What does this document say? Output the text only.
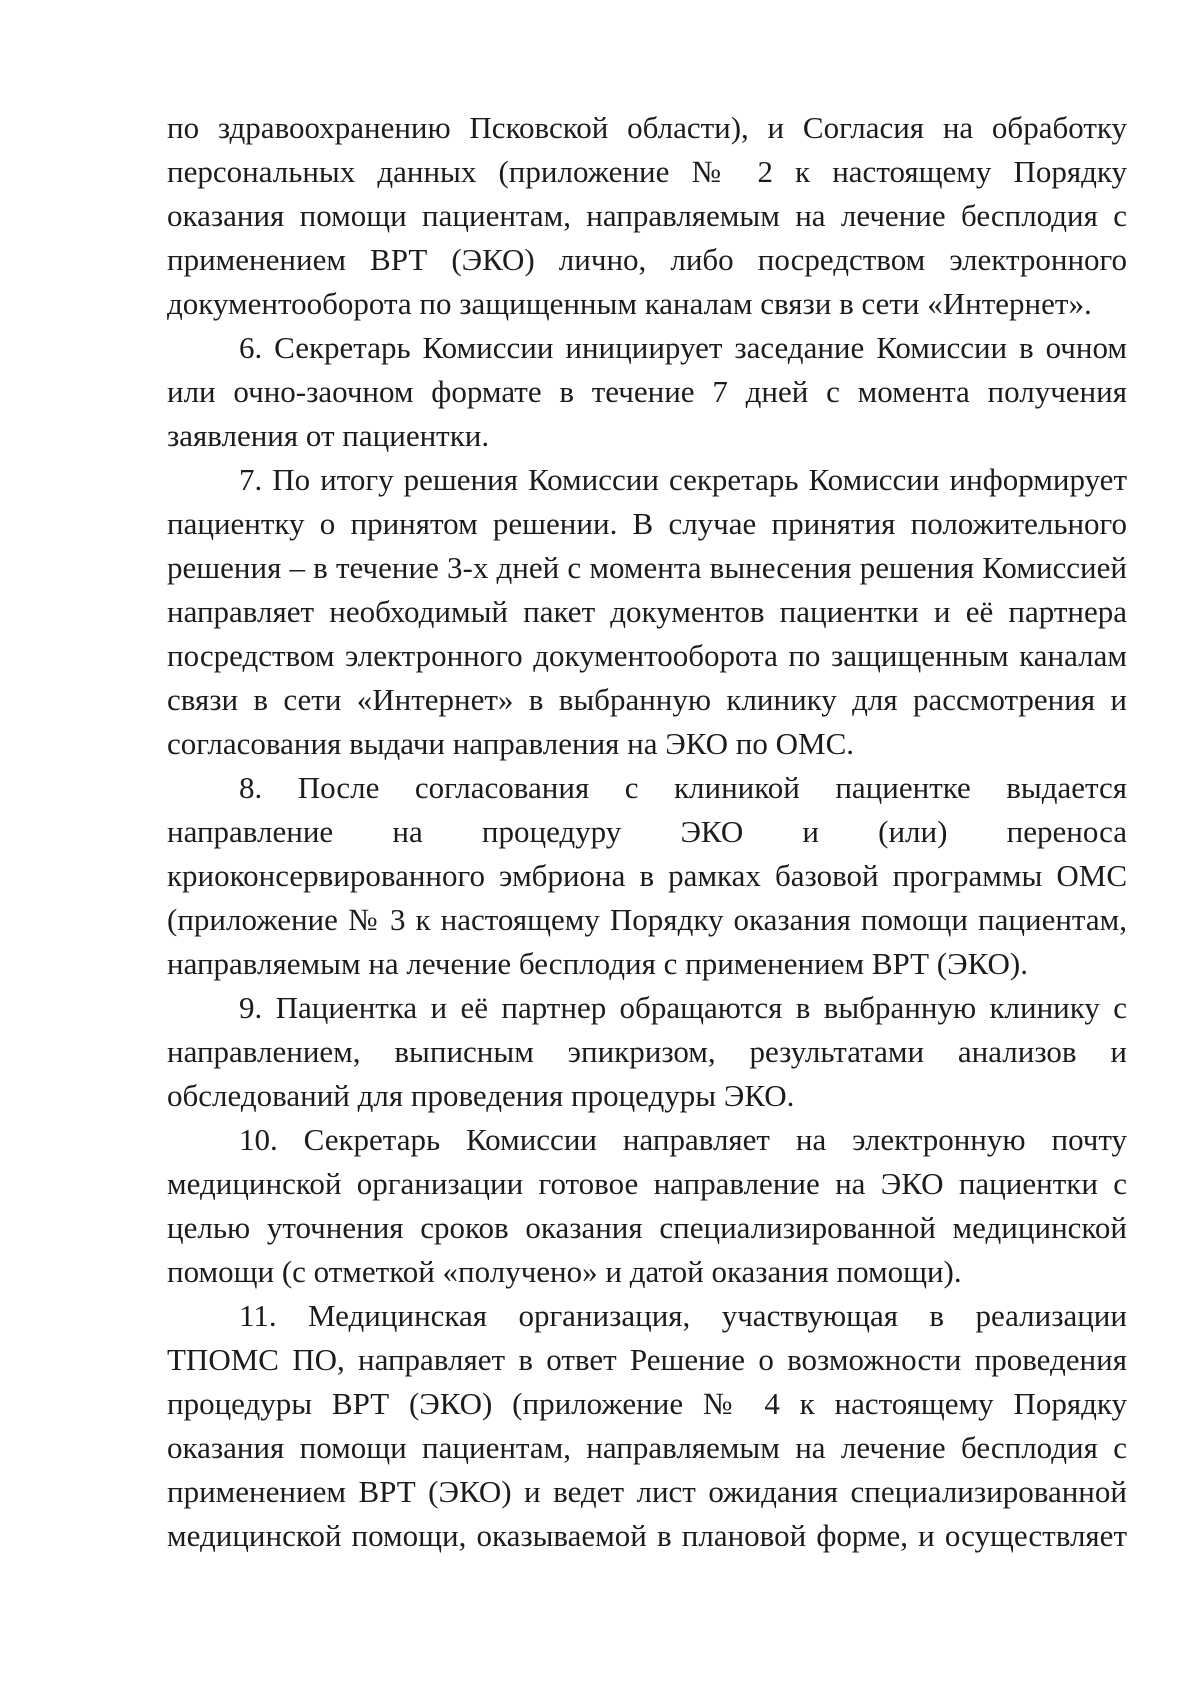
по здравоохранению Псковской области), и Согласия на обработку персональных данных (приложение № 2 к настоящему Порядку оказания помощи пациентам, направляемым на лечение бесплодия с применением ВРТ (ЭКО) лично, либо посредством электронного документооборота по защищенным каналам связи в сети «Интернет».

6. Секретарь Комиссии инициирует заседание Комиссии в очном или очно-заочном формате в течение 7 дней с момента получения заявления от пациентки.

7. По итогу решения Комиссии секретарь Комиссии информирует пациентку о принятом решении. В случае принятия положительного решения – в течение 3-х дней с момента вынесения решения Комиссией направляет необходимый пакет документов пациентки и её партнера посредством электронного документооборота по защищенным каналам связи в сети «Интернет» в выбранную клинику для рассмотрения и согласования выдачи направления на ЭКО по ОМС.

8. После согласования с клиникой пациентке выдается направление на процедуру ЭКО и (или) переноса криоконсервированного эмбриона в рамках базовой программы ОМС (приложение № 3 к настоящему Порядку оказания помощи пациентам, направляемым на лечение бесплодия с применением ВРТ (ЭКО).

9. Пациентка и её партнер обращаются в выбранную клинику с направлением, выписным эпикризом, результатами анализов и обследований для проведения процедуры ЭКО.

10. Секретарь Комиссии направляет на электронную почту медицинской организации готовое направление на ЭКО пациентки с целью уточнения сроков оказания специализированной медицинской помощи (с отметкой «получено» и датой оказания помощи).

11. Медицинская организация, участвующая в реализации ТПОМС ПО, направляет в ответ Решение о возможности проведения процедуры ВРТ (ЭКО) (приложение № 4 к настоящему Порядку оказания помощи пациентам, направляемым на лечение бесплодия с применением ВРТ (ЭКО) и ведет лист ожидания специализированной медицинской помощи, оказываемой в плановой форме, и осуществляет
